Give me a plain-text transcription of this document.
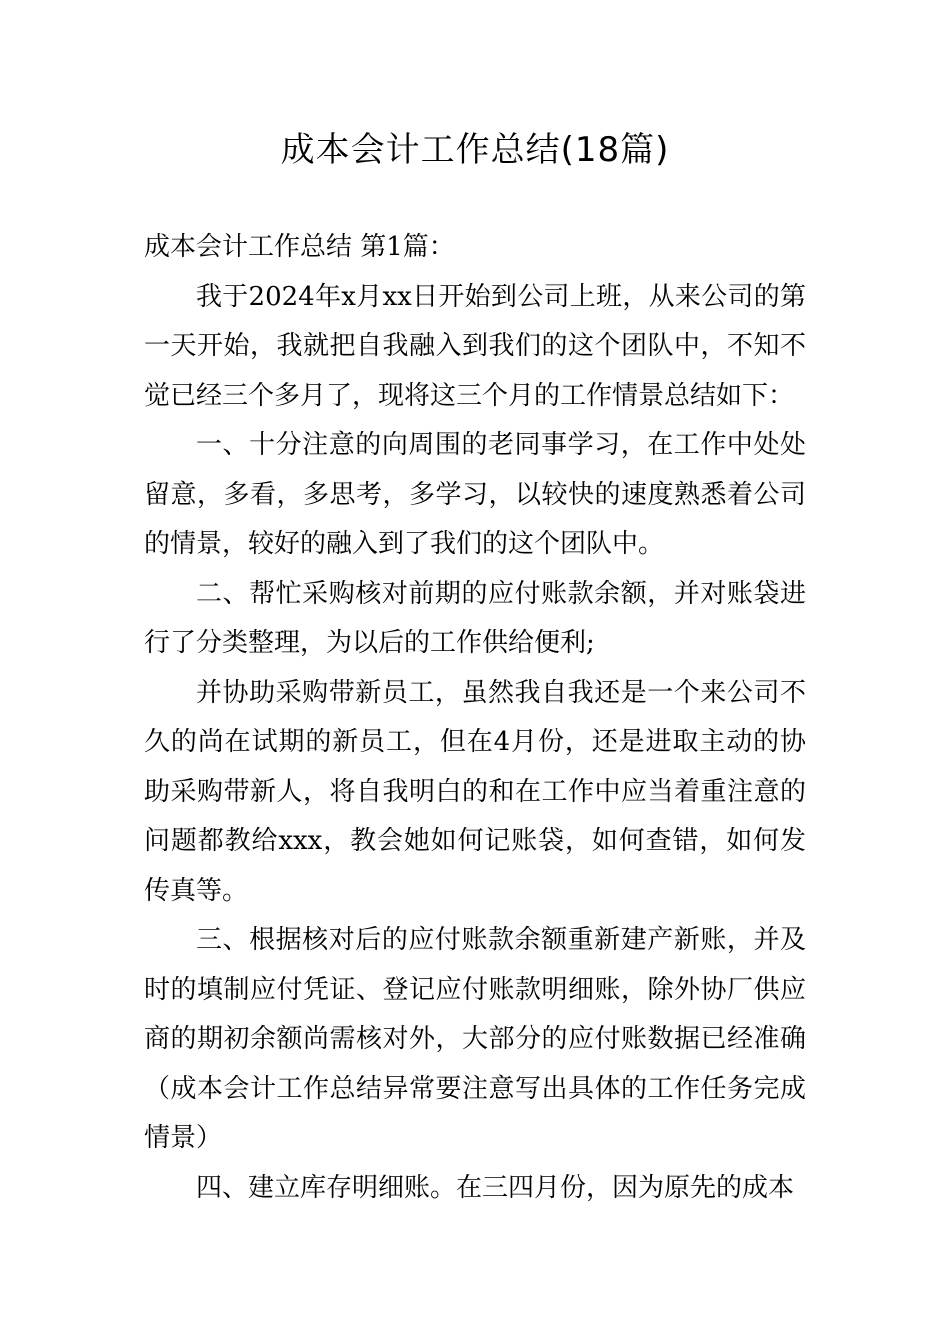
成本会计工作总结(18篇)

成本会计工作总结 第1篇：

我于2024年x月xx日开始到公司上班，从来公司的第一天开始，我就把自我融入到我们的这个团队中，不知不觉已经三个多月了，现将这三个月的工作情景总结如下：

一、十分注意的向周围的老同事学习，在工作中处处留意，多看，多思考，多学习，以较快的速度熟悉着公司的情景，较好的融入到了我们的这个团队中。

二、帮忙采购核对前期的应付账款余额，并对账袋进行了分类整理，为以后的工作供给便利;

并协助采购带新员工，虽然我自我还是一个来公司不久的尚在试期的新员工，但在4月份，还是进取主动的协助采购带新人，将自我明白的和在工作中应当着重注意的问题都教给xxx，教会她如何记账袋，如何查错，如何发传真等。

三、根据核对后的应付账款余额重新建产新账，并及时的填制应付凭证、登记应付账款明细账，除外协厂供应商的期初余额尚需核对外，大部分的应付账数据已经准确（成本会计工作总结异常要注意写出具体的工作任务完成情景）

四、建立库存明细账。在三四月份，因为原先的成本
